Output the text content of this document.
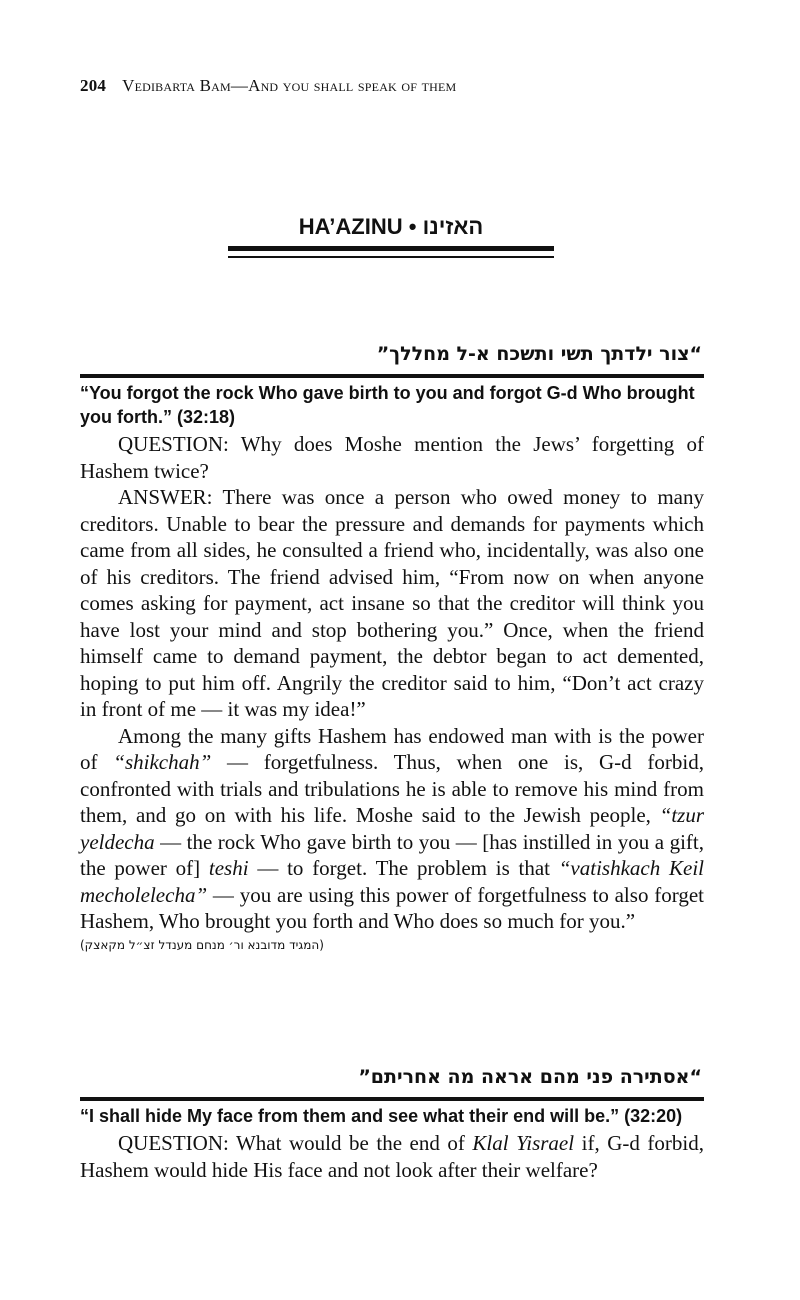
204 Vedibarta Bam—And you shall speak of them
HA’AZINU • האזינו
“צור ילדתך תשי ותשכח א-ל מחללך”
“You forgot the rock Who gave birth to you and forgot G-d Who brought you forth.” (32:18)

QUESTION: Why does Moshe mention the Jews’ forgetting of Hashem twice?

ANSWER: There was once a person who owed money to many creditors. Unable to bear the pressure and demands for payments which came from all sides, he consulted a friend who, incidentally, was also one of his creditors. The friend advised him, “From now on when anyone comes asking for payment, act insane so that the creditor will think you have lost your mind and stop bothering you.” Once, when the friend himself came to demand payment, the debtor began to act demented, hoping to put him off. Angrily the creditor said to him, “Don’t act crazy in front of me — it was my idea!”

Among the many gifts Hashem has endowed man with is the power of “shikchah” — forgetfulness. Thus, when one is, G-d forbid, confronted with trials and tribulations he is able to remove his mind from them, and go on with his life. Moshe said to the Jewish people, “tzur yeldecha — the rock Who gave birth to you — [has instilled in you a gift, the power of] teshi — to forget. The problem is that “vatishkach Keil mecholelecha” — you are using this power of forgetfulness to also forget Hashem, Who brought you forth and Who does so much for you.”

(המגיד מדובנא ור׳ מנחם מענדל זצ״ל מקאצק)
“אסתירה פני מהם אראה מה אחריתם”
“I shall hide My face from them and see what their end will be.” (32:20)

QUESTION: What would be the end of Klal Yisrael if, G-d forbid, Hashem would hide His face and not look after their welfare?
